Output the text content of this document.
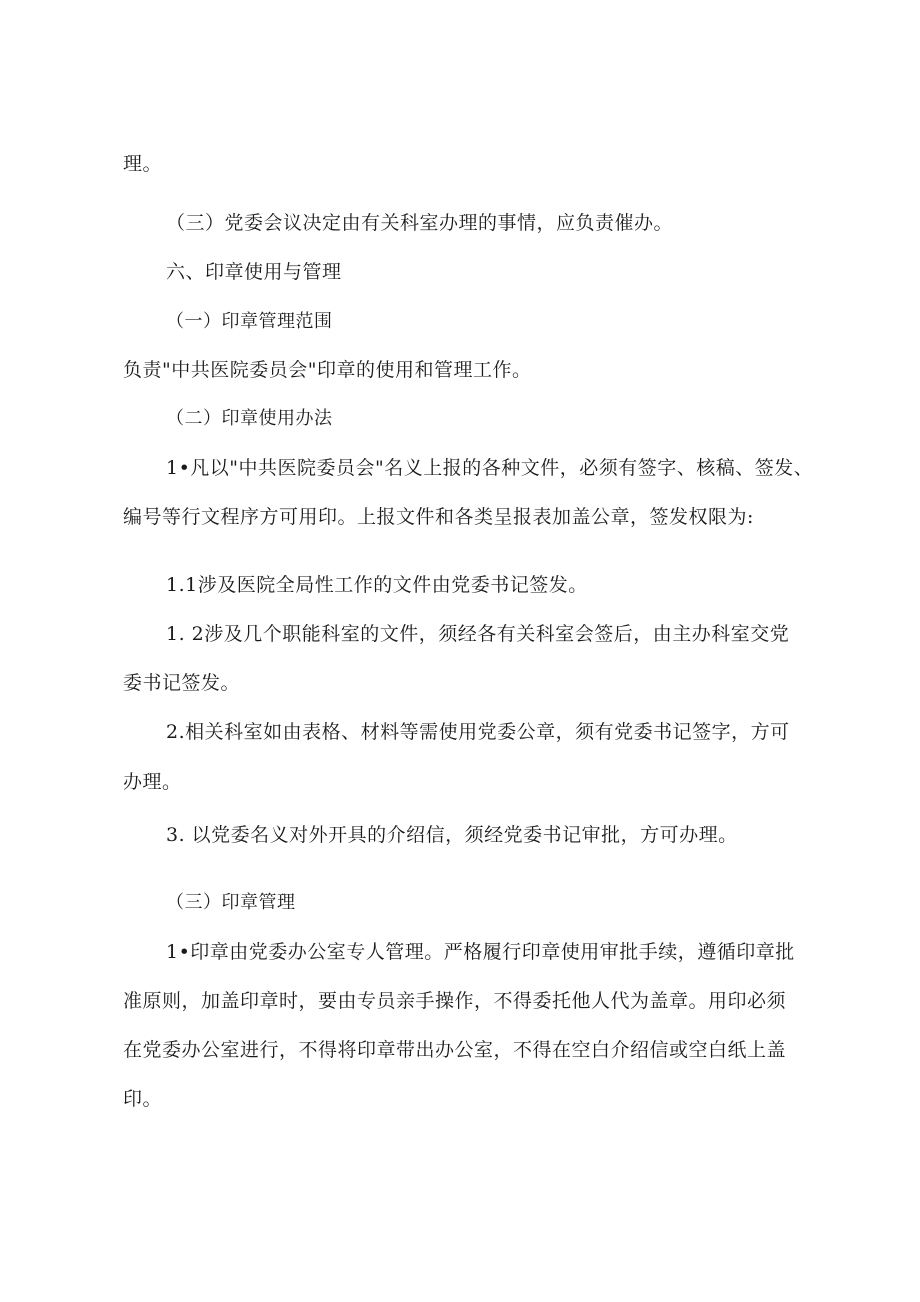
理。
（三）党委会议决定由有关科室办理的事情，应负责催办。
六、印章使用与管理
（一）印章管理范围
负责"中共医院委员会"印章的使用和管理工作。
（二）印章使用办法
1•凡以"中共医院委员会"名义上报的各种文件，必须有签字、核稿、签发、
编号等行文程序方可用印。上报文件和各类呈报表加盖公章，签发权限为:
1.1涉及医院全局性工作的文件由党委书记签发。
1. 2涉及几个职能科室的文件，须经各有关科室会签后，由主办科室交党
委书记签发。
2.相关科室如由表格、材料等需使用党委公章，须有党委书记签字，方可
办理。
3. 以党委名义对外开具的介绍信，须经党委书记审批，方可办理。
（三）印章管理
1•印章由党委办公室专人管理。严格履行印章使用审批手续，遵循印章批
准原则，加盖印章时，要由专员亲手操作，不得委托他人代为盖章。用印必须
在党委办公室进行，不得将印章带出办公室，不得在空白介绍信或空白纸上盖
印。
